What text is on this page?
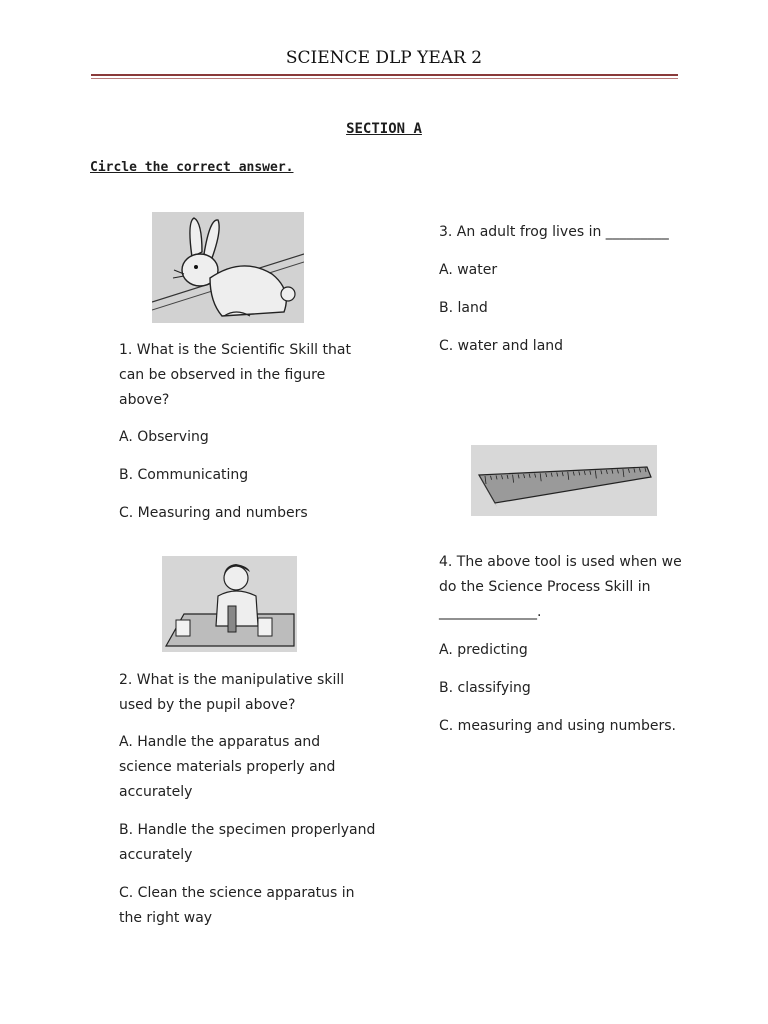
SCIENCE DLP YEAR 2
SECTION A
Circle the correct answer.
1. What is the Scientific Skill that
can be observed in the figure
above?
A. Observing
B. Communicating
C. Measuring and numbers
2. What is the manipulative skill
used by the pupil above?
A. Handle the apparatus and
science materials properly and
accurately
B. Handle the specimen properlyand
accurately
C. Clean the science apparatus in
the right way
3. An adult frog lives in _________
A. water
B. land
C. water and land
4. The above tool is used when we
do the Science Process Skill in
______________.
A. predicting
B. classifying
C. measuring and using numbers.
